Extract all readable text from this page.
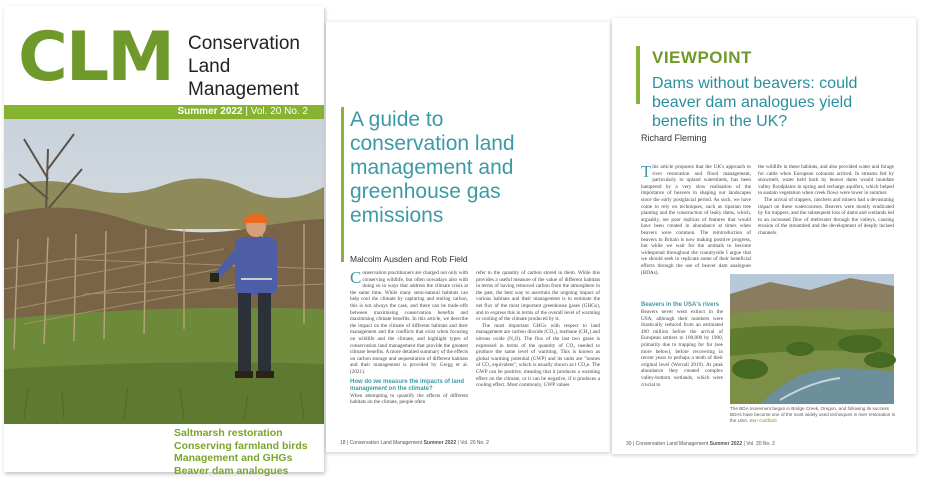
CLM Conservation
Land
Management
Summer 2022 | Vol. 20 No. 2
Saltmarsh restoration
Conserving farmland birds
Management and GHGs
Beaver dam analogues
A guide to
conservation land
management and
greenhouse gas
emissions
Malcolm Ausden and Rob Field

Conservation practitioners are charged not only with conserving wildlife, but often nowadays also with doing so in ways that address the climate crisis at the same time. While many semi-natural habitats can help cool the climate by capturing and storing carbon, this is not always the case, and there can be trade-offs between maximising conservation benefits and maximising climate benefits. In this article, we describe the impact on the climate of different habitats and their management and the conflicts that exist when focusing on wildlife and the climate, and highlight types of conservation land management that provide the greatest climate benefits. A more detailed summary of the effects on carbon storage and sequestration of different habitats and their management is provided by Gregg et al. (2021).

How do we measure the impacts of land management on the climate?

When attempting to quantify the effects of different habitats on the climate, people often

refer to the quantity of carbon stored in them. While this provides a useful measure of the value of different habitats in terms of having removed carbon from the atmosphere in the past, the best way to ascertain the ongoing impact of various habitats and their management is to estimate the net flux of the most important greenhouse gases (GHGs), and to express this in terms of the overall level of warming or cooling of the climate produced by it.

The most important GHGs with respect to land management are carbon dioxide (CO₂), methane (CH₄) and nitrous oxide (N₂O). The flux of the last two gases is expressed in terms of the quantity of CO₂ needed to produce the same level of warming. This is known as global warming potential (GWP) and its units are "tonnes of CO₂ equivalent", which is usually shown as t CO₂e. The GWP can be positive, meaning that it produces a warming effect on the climate, or it can be negative, if it produces a cooling effect. Most commonly, GWP values

18 | Conservation Land Management Summer 2022 | Vol. 20 No. 2
VIEWPOINT
Dams without beavers: could
beaver dam analogues yield
benefits in the UK?
Richard Fleming

This article proposes that the UK's approach to river restoration and flood management, particularly in upland watersheds, has been hampered by a very slow realisation of the importance of beavers in shaping our landscapes since the early postglacial period. As such, we have come to rely on techniques, such as riparian tree planting and the construction of leaky dams, which, arguably, are poor replicas of features that would have been created in abundance at times when beavers were common. The reintroduction of beavers to Britain is now making positive progress, but while we wait for the animals to become widespread throughout the countryside I argue that we should seek to replicate some of their beneficial effects through the use of beaver dam analogues (BDAs).

Beavers in the USA's rivers

Beavers never went extinct in the USA, although their numbers were drastically reduced from an estimated 400 million before the arrival of European settlers to 100,000 by 1900, primarily due to trapping for fur (see more below), before recovering in recent years to perhaps a tenth of their original level (Worrall 2019). At peak abundance they created complex valley-bottom wetlands, which were crucial to

the wildlife in these habitats, and also provided water and forage for cattle when European colonists arrived. In streams fed by snowmelt, water held back by beaver dams would inundate valley floodplains in spring and recharge aquifers, which helped to sustain vegetation when creek flows were lower in summer.

The arrival of trappers, ranchers and miners had a devastating impact on these watercourses. Beavers were mostly eradicated by fur trappers, and the subsequent loss of dams and wetlands led to an increased flow of meltwater through the valleys, causing erosion of the streambed and the development of deeply incised channels.

The BDA movement began in Bridge Creek, Oregon, and following its success BDAs have become one of the most widely used techniques in river restoration in the USA. Ben Goldfarb
30 | Conservation Land Management Summer 2022 | Vol. 20 No. 2
